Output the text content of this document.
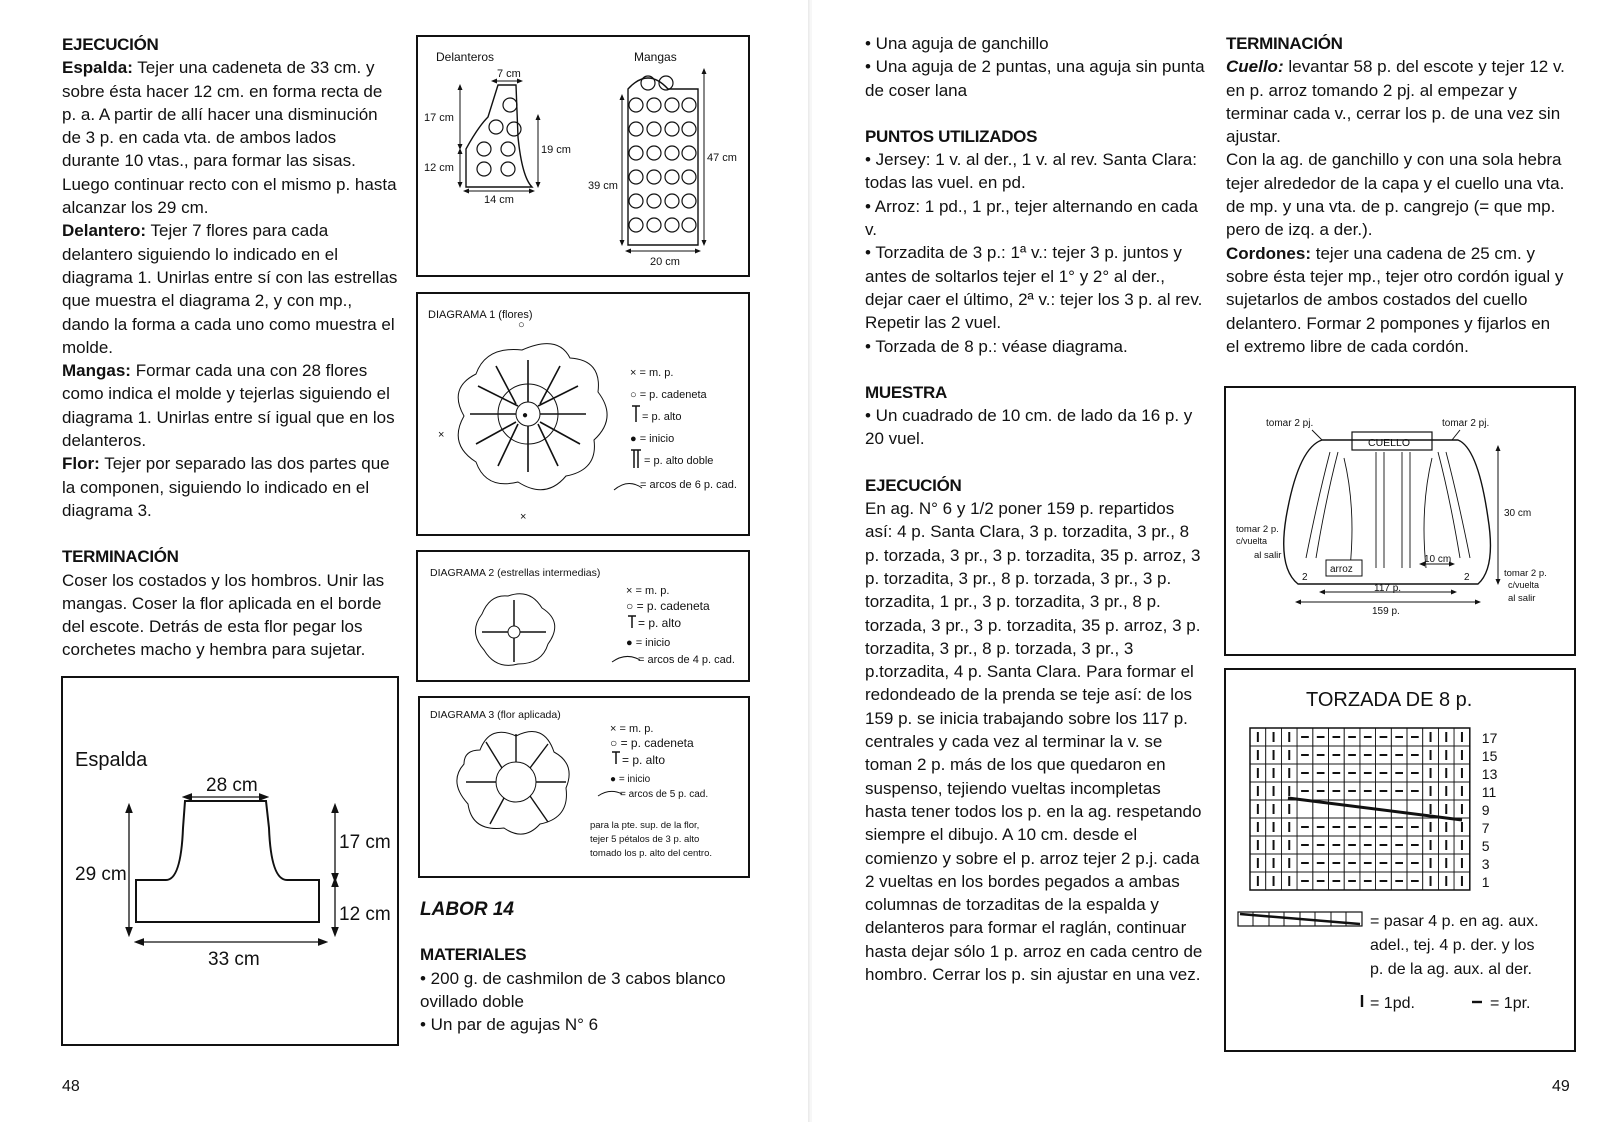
EJECUCIÓN

Espalda: Tejer una cadeneta de 33 cm. y sobre ésta hacer 12 cm. en forma recta de p. a. A partir de allí hacer una disminución de 3 p. en cada vta. de ambos lados durante 10 vtas., para formar las sisas. Luego continuar recto con el mismo p. hasta alcanzar los 29 cm.

Delantero: Tejer 7 flores para cada delantero siguiendo lo indicado en el diagrama 1. Unirlas entre sí con las estrellas que muestra el diagrama 2, y con mp., dando la forma a cada uno como muestra el molde.

Mangas: Formar cada una con 28 flores como indica el molde y tejerlas siguiendo el diagrama 1. Unirlas entre sí igual que en los delanteros.

Flor: Tejer por separado las dos partes que la componen, siguiendo lo indicado en el diagrama 3.

TERMINACIÓN

Coser los costados y los hombros. Unir las mangas. Coser la flor aplicada en el borde del escote. Detrás de esta flor pegar los corchetes macho y hembra para sujetar.

Espalda
28 cm
29 cm
17 cm
12 cm
33 cm
48
Delanteros	Mangas
7 cm
17 cm
12 cm
19 cm
14 cm
39 cm
47 cm
20 cm
DIAGRAMA 1 (flores)
○
●
×
×
× = m. p.
○ = p. cadeneta
= p. alto
● = inicio
= p. alto doble
= arcos de 6 p. cad.
DIAGRAMA 2 (estrellas intermedias)
× = m. p.
○ = p. cadeneta
= p. alto
● = inicio
= arcos de 4 p. cad.
DIAGRAMA 3 (flor aplicada)
× = m. p.
○ = p. cadeneta
= p. alto
● = inicio
= arcos de 5 p. cad.
para la pte. sup. de la flor,
tejer 5 pétalos de 3 p. alto
tomado los p. alto del centro.

LABOR 14

MATERIALES

• 200 g. de cashmilon de 3 cabos blanco ovillado doble

• Un par de agujas N° 6

• Una aguja de ganchillo

• Una aguja de 2 puntas, una aguja sin punta de coser lana

PUNTOS UTILIZADOS

• Jersey: 1 v. al der., 1 v. al rev. Santa Clara: todas las vuel. en pd.

• Arroz: 1 pd., 1 pr., tejer alternando en cada v.

• Torzadita de 3 p.: 1ª v.: tejer 3 p. juntos y antes de soltarlos tejer el 1° y 2° al der., dejar caer el último, 2ª v.: tejer los 3 p. al rev. Repetir las 2 vuel.

• Torzada de 8 p.: véase diagrama.

MUESTRA

• Un cuadrado de 10 cm. de lado da 16 p. y 20 vuel.

EJECUCIÓN

En ag. N° 6 y 1/2 poner 159 p. repartidos así: 4 p. Santa Clara, 3 p. torzadita, 3 pr., 8 p. torzada, 3 pr., 3 p. torzadita, 35 p. arroz, 3 p. torzadita, 3 pr., 8 p. torzada, 3 pr., 3 p. torzadita, 1 pr., 3 p. torzadita, 3 pr., 8 p. torzada, 3 pr., 3 p. torzadita, 35 p. arroz, 3 p. torzadita, 3 pr., 8 p. torzada, 3 pr., 3 p.torzadita, 4 p. Santa Clara. Para formar el redondeado de la prenda se teje así: de los 159 p. se inicia trabajando sobre los 117 p. centrales y cada vez al terminar la v. se toman 2 p. más de los que quedaron en suspenso, tejiendo vueltas incompletas hasta tener todos los p. en la ag. respetando siempre el dibujo. A 10 cm. desde el comienzo y sobre el p. arroz tejer 2 p.j. cada 2 vueltas en los bordes pegados a ambas columnas de torzaditas de la espalda y delanteros para formar el raglán, continuar hasta dejar sólo 1 p. arroz en cada centro de hombro. Cerrar los p. sin ajustar en una vez.

TERMINACIÓN

Cuello: levantar 58 p. del escote y tejer 12 v. en p. arroz tomando 2 pj. al empezar y terminar cada v., cerrar los p. de una vez sin ajustar.

Con la ag. de ganchillo y con una sola hebra tejer alrededor de la capa y el cuello una vta. de mp. y una vta. de p. cangrejo (= que mp. pero de izq. a der.).

Cordones: tejer una cadena de 25 cm. y sobre ésta tejer mp., tejer otro cordón igual y sujetarlos de ambos costados del cuello delantero. Formar 2 pompones y fijarlos en el extremo libre de cada cordón.

tomar 2 pj.	tomar 2 pj.
CUELLO
arroz
10 cm
30 cm
tomar 2 p.
c/vuelta
al salir
tomar 2 p.
c/vuelta
al salir
2	2
117 p.
159 p.
TORZADA DE 8 p.
17
15
13
11
9
7
5
3
1
= pasar 4 p. en ag. aux.
adel., tej. 4 p. der. y los
p. de la ag. aux. al der.
= 1pd.	= 1pr.
49
